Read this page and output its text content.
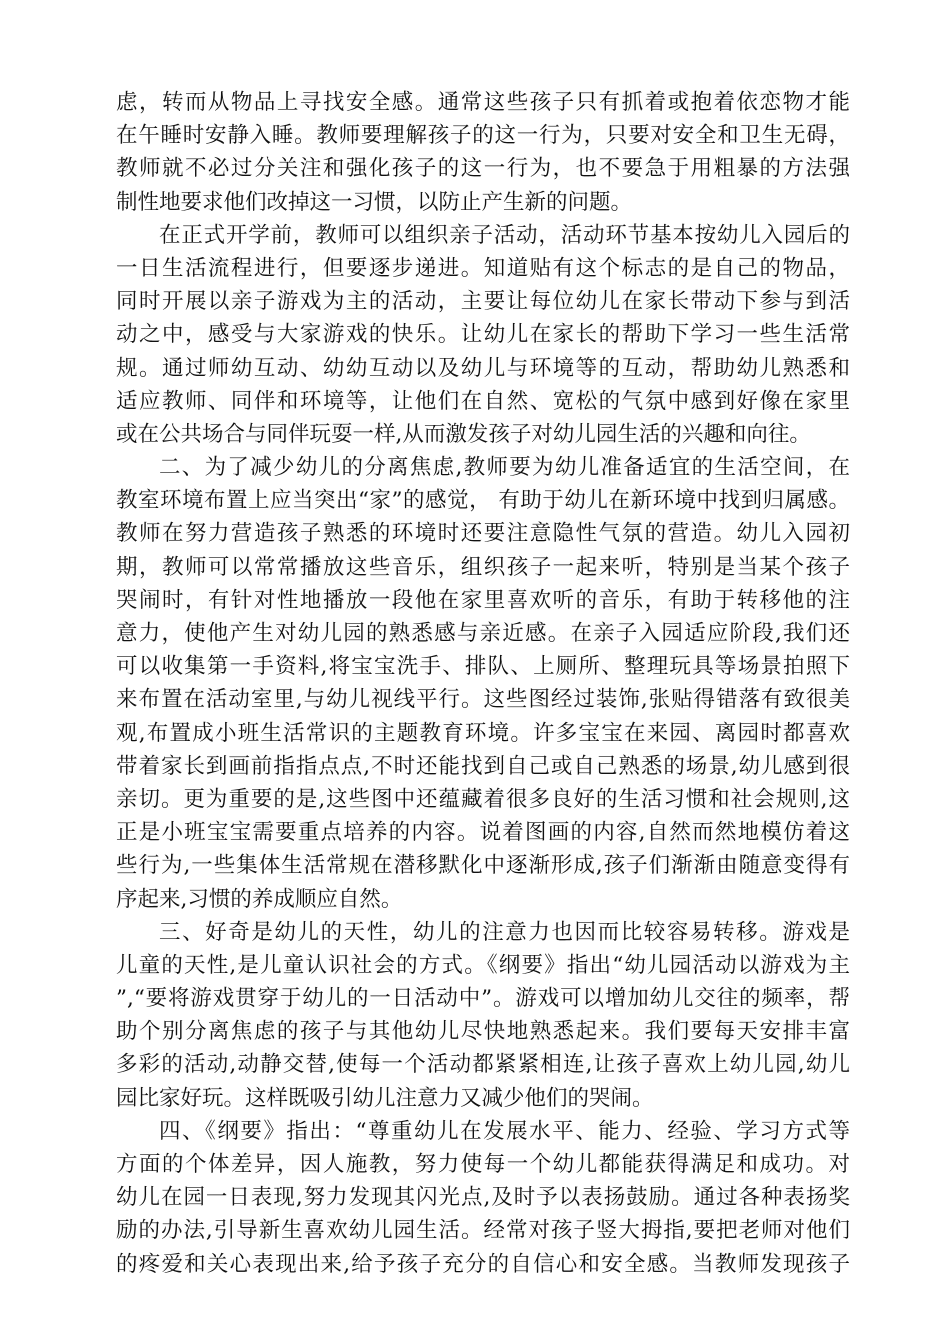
虑，转而从物品上寻找安全感。通常这些孩子只有抓着或抱着依恋物才能
在午睡时安静入睡。教师要理解孩子的这一行为，只要对安全和卫生无碍，
教师就不必过分关注和强化孩子的这一行为，也不要急于用粗暴的方法强
制性地要求他们改掉这一习惯，以防止产生新的问题。
在正式开学前，教师可以组织亲子活动，活动环节基本按幼儿入园后的
一日生活流程进行，但要逐步递进。知道贴有这个标志的是自己的物品，
同时开展以亲子游戏为主的活动，主要让每位幼儿在家长带动下参与到活
动之中，感受与大家游戏的快乐。让幼儿在家长的帮助下学习一些生活常
规。通过师幼互动、幼幼互动以及幼儿与环境等的互动，帮助幼儿熟悉和
适应教师、同伴和环境等，让他们在自然、宽松的气氛中感到好像在家里
或在公共场合与同伴玩耍一样,从而激发孩子对幼儿园生活的兴趣和向往。
二、为了减少幼儿的分离焦虑,教师要为幼儿准备适宜的生活空间，在
教室环境布置上应当突出“家”的感觉， 有助于幼儿在新环境中找到归属感。
教师在努力营造孩子熟悉的环境时还要注意隐性气氛的营造。幼儿入园初
期，教师可以常常播放这些音乐，组织孩子一起来听，特别是当某个孩子
哭闹时，有针对性地播放一段他在家里喜欢听的音乐，有助于转移他的注
意力，使他产生对幼儿园的熟悉感与亲近感。在亲子入园适应阶段,我们还
可以收集第一手资料,将宝宝洗手、排队、上厕所、整理玩具等场景拍照下
来布置在活动室里,与幼儿视线平行。这些图经过装饰,张贴得错落有致很美
观,布置成小班生活常识的主题教育环境。许多宝宝在来园、离园时都喜欢
带着家长到画前指指点点,不时还能找到自己或自己熟悉的场景,幼儿感到很
亲切。更为重要的是,这些图中还蕴藏着很多良好的生活习惯和社会规则,这
正是小班宝宝需要重点培养的内容。说着图画的内容,自然而然地模仿着这
些行为,一些集体生活常规在潜移默化中逐渐形成,孩子们渐渐由随意变得有
序起来,习惯的养成顺应自然。
三、好奇是幼儿的天性，幼儿的注意力也因而比较容易转移。游戏是
儿童的天性,是儿童认识社会的方式。《纲要》指出“幼儿园活动以游戏为主
”,“要将游戏贯穿于幼儿的一日活动中”。游戏可以增加幼儿交往的频率，帮
助个别分离焦虑的孩子与其他幼儿尽快地熟悉起来。我们要每天安排丰富
多彩的活动,动静交替,使每一个活动都紧紧相连,让孩子喜欢上幼儿园,幼儿
园比家好玩。这样既吸引幼儿注意力又减少他们的哭闹。
四、《纲要》指出：“尊重幼儿在发展水平、能力、经验、学习方式等
方面的个体差异，因人施教，努力使每一个幼儿都能获得满足和成功。对
幼儿在园一日表现,努力发现其闪光点,及时予以表扬鼓励。通过各种表扬奖
励的办法,引导新生喜欢幼儿园生活。经常对孩子竖大拇指,要把老师对他们
的疼爱和关心表现出来,给予孩子充分的自信心和安全感。当教师发现孩子
